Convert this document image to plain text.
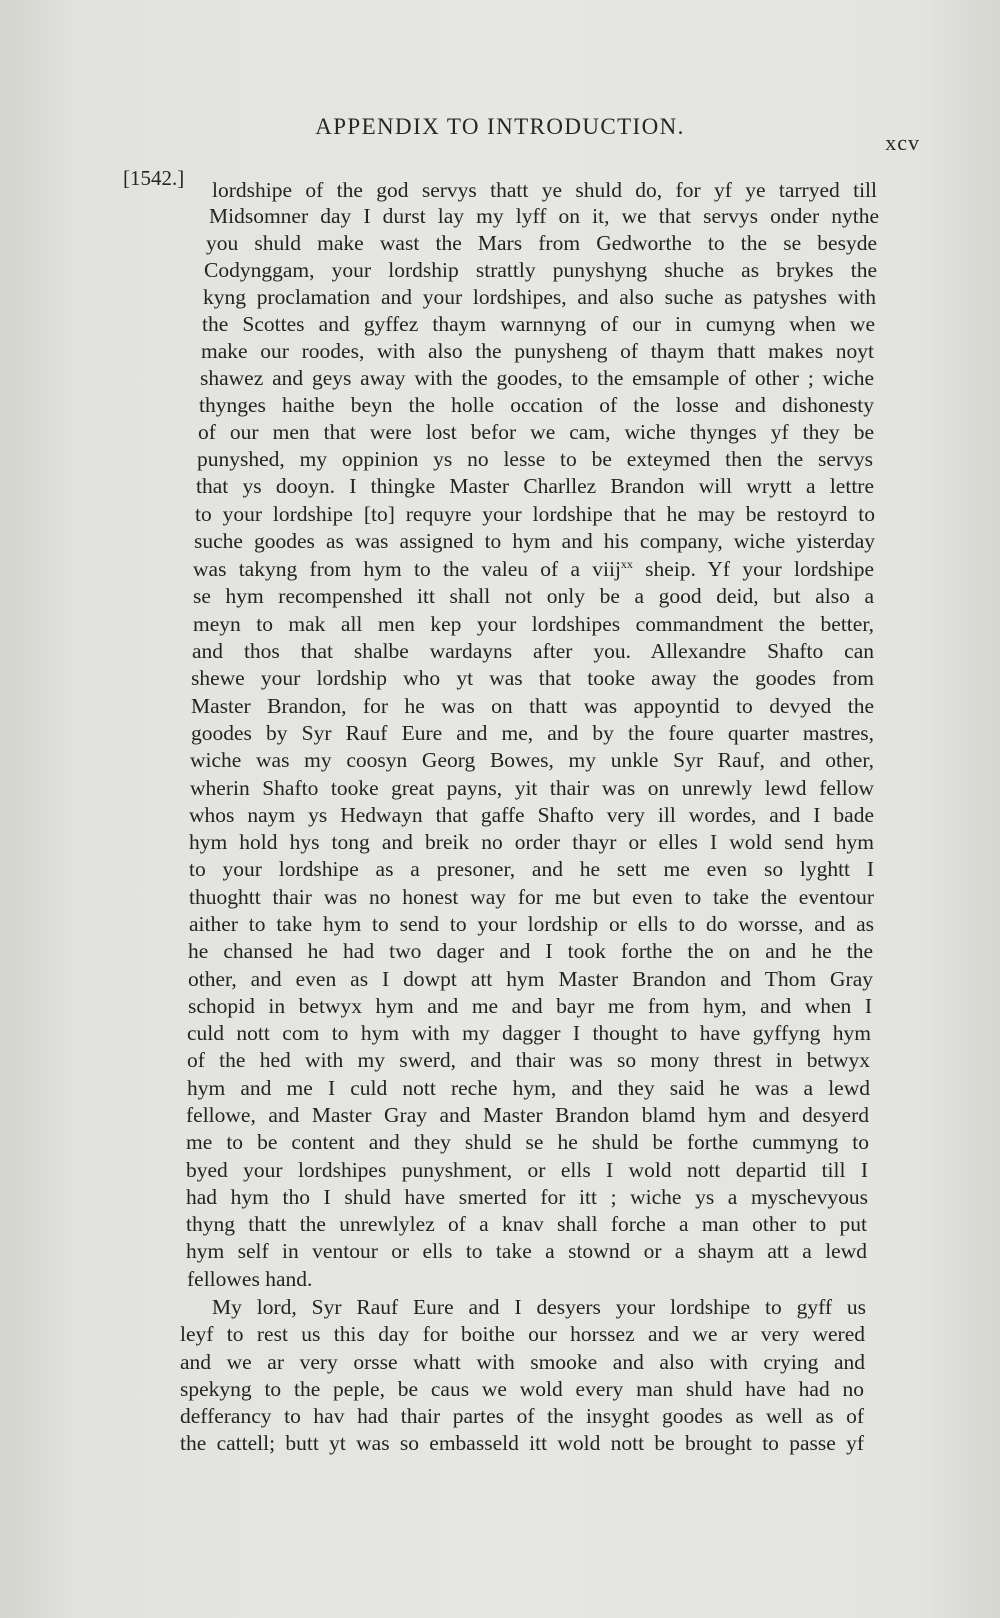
APPENDIX TO INTRODUCTION.
xcv
[1542.] lordshipe of the god servys thatt ye shuld do, for yf ye tarryed till
Midsomner day I durst lay my lyff on it, we that servys onder nythe
you shuld make wast the Mars from Gedworthe to the se besyde
Codynggam, your lordship strattly punyshyng shuche as brykes the
kyng proclamation and your lordshipes, and also suche as patyshes with
the Scottes and gyffez thaym warnnyng of our in cumyng when we
make our roodes, with also the punysheng of thaym thatt makes noyt
shawez and geys away with the goodes, to the emsample of other ; wiche
thynges haithe beyn the holle occation of the losse and dishonesty
of our men that were lost befor we cam, wiche thynges yf they be
punyshed, my oppinion ys no lesse to be exteymed then the servys
that ys dooyn. I thingke Master Charllez Brandon will wrytt a lettre
to your lordshipe [to] requyre your lordshipe that he may be restoyrd to
suche goodes as was assigned to hym and his company, wiche yisterday
was takyng from hym to the valeu of a viij$^{xx}$ sheip. Yf your lordshipe
se hym recompenshed itt shall not only be a good deid, but also a
meyn to mak all men kep your lordshipes commandment the better,
and thos that shalbe wardayns after you. Allexandre Shafto can
shewe your lordship who yt was that tooke away the goodes from
Master Brandon, for he was on thatt was appoyntid to devyed the
goodes by Syr Rauf Eure and me, and by the foure quarter mastres,
wiche was my coosyn Georg Bowes, my unkle Syr Rauf, and other,
wherin Shafto tooke great payns, yit thair was on unrewly lewd fellow
whos naym ys Hedwayn that gaffe Shafto very ill wordes, and I bade
hym hold hys tong and breik no order thayr or elles I wold send hym
to your lordshipe as a presoner, and he sett me even so lyghtt I
thuoghtt thair was no honest way for me but even to take the eventour
aither to take hym to send to your lordship or ells to do worsse, and as
he chansed he had two dager and I took forthe the on and he the
other, and even as I dowpt att hym Master Brandon and Thom Gray
schopid in betwyx hym and me and bayr me from hym, and when I
culd nott com to hym with my dagger I thought to have gyffyng hym
of the hed with my swerd, and thair was so mony threst in betwyx
hym and me I culd nott reche hym, and they said he was a lewd
fellowe, and Master Gray and Master Brandon blamd hym and desyerd
me to be content and they shuld se he shuld be forthe cummyng to
byed your lordshipes punyshment, or ells I wold nott departid till I
had hym tho I shuld have smerted for itt ; wiche ys a myschevyous
thyng thatt the unrewlylez of a knav shall forche a man other to put
hym self in ventour or ells to take a stownd or a shaym att a lewd
fellowes hand.
My lord, Syr Rauf Eure and I desyers your lordshipe to gyff us
leyf to rest us this day for boithe our horssez and we ar very wered
and we ar very orsse whatt with smooke and also with crying and
spekyng to the peple, be caus we wold every man shuld have had no
defferancy to hav had thair partes of the insyght goodes as well as of
the cattell; butt yt was so embasseld itt wold nott be brought to passe yf
